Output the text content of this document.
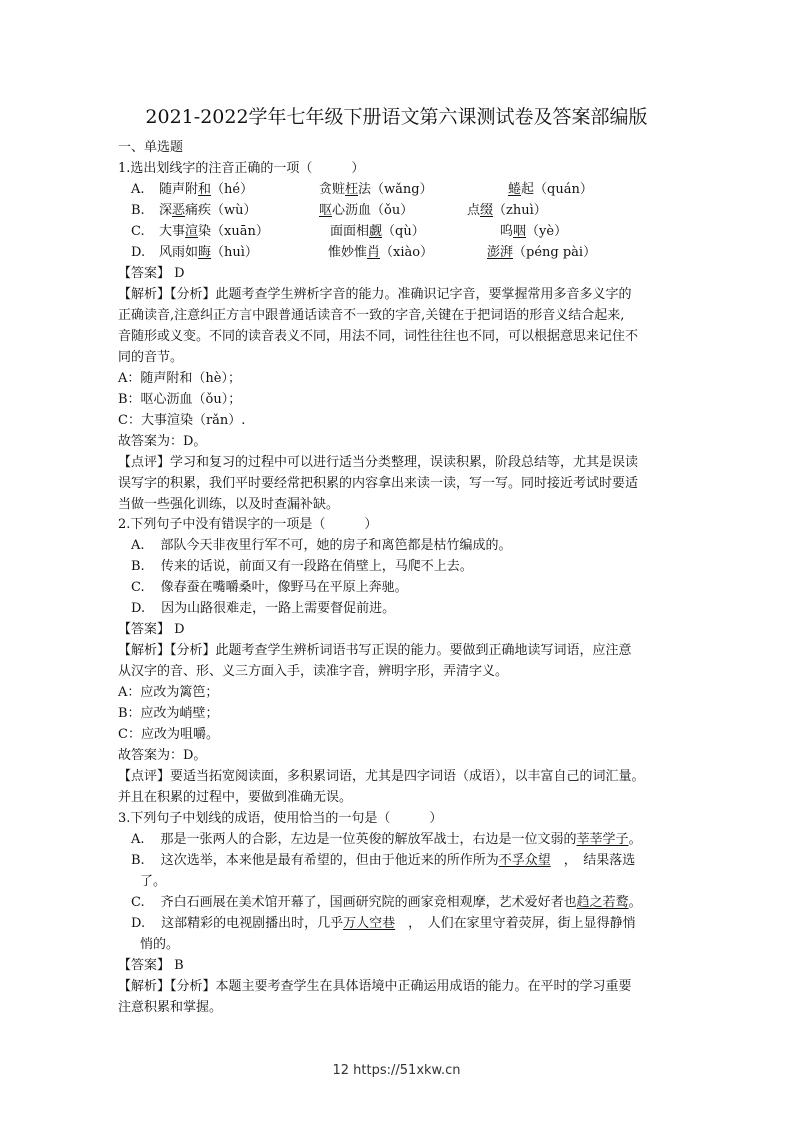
2021-2022学年七年级下册语文第六课测试卷及答案部编版
一、单选题
1.选出划线字的注音正确的一项（　　　）
A. 随声附和（hé）	贪赃枉法（wǎng）	蜷起（quán）
B. 深恶痛疾（wù）	呕心沥血（ǒu）	点缀（zhuì）
C. 大事渲染（xuān）	面面相觑（qù）	呜咽（yè）
D. 风雨如晦（huì）	惟妙惟肖（xiào）	澎湃（péng pài）
【答案】 D
【解析】【分析】此题考查学生辨析字音的能力。准确识记字音，要掌握常用多音多义字的
正确读音,注意纠正方言中跟普通话读音不一致的字音,关键在于把词语的形音义结合起来,
音随形或义变。不同的读音表义不同，用法不同，词性往往也不同，可以根据意思来记住不
同的音节。
A：随声附和（hè）；
B：呕心沥血（ǒu）；
C：大事渲染（rǎn）.
故答案为：D。
【点评】学习和复习的过程中可以进行适当分类整理，误读积累，阶段总结等，尤其是误读
误写字的积累，我们平时要经常把积累的内容拿出来读一读，写一写。同时接近考试时要适
当做一些强化训练，以及时查漏补缺。
2.下列句子中没有错误字的一项是（　　　）
A. 部队今天非夜里行军不可，她的房子和离笆都是枯竹编成的。
B. 传来的话说，前面又有一段路在俏壁上，马爬不上去。
C. 像春蚕在嘴嚼桑叶，像野马在平原上奔驰。
D. 因为山路很难走，一路上需要督促前进。
【答案】 D
【解析】【分析】此题考查学生辨析词语书写正误的能力。要做到正确地读写词语，应注意
从汉字的音、形、义三方面入手，读准字音，辨明字形，弄清字义。
A：应改为篱笆；
B：应改为峭壁；
C：应改为咀嚼。
故答案为：D。
【点评】要适当拓宽阅读面，多积累词语，尤其是四字词语（成语），以丰富自己的词汇量。
并且在积累的过程中，要做到准确无误。
3.下列句子中划线的成语，使用恰当的一句是（　　　）
A. 那是一张两人的合影，左边是一位英俊的解放军战士，右边是一位文弱的莘莘学子。
B. 这次选举，本来他是最有希望的，但由于他近来的所作所为不孚众望　，　结果落选
了。
C. 齐白石画展在美术馆开幕了，国画研究院的画家竞相观摩，艺术爱好者也趋之若鹜。
D. 这部精彩的电视剧播出时，几乎万人空巷　，　人们在家里守着荧屏，街上显得静悄
悄的。
【答案】 B
【解析】【分析】本题主要考查学生在具体语境中正确运用成语的能力。在平时的学习重要
注意积累和掌握。
12 https://51xkw.cn
